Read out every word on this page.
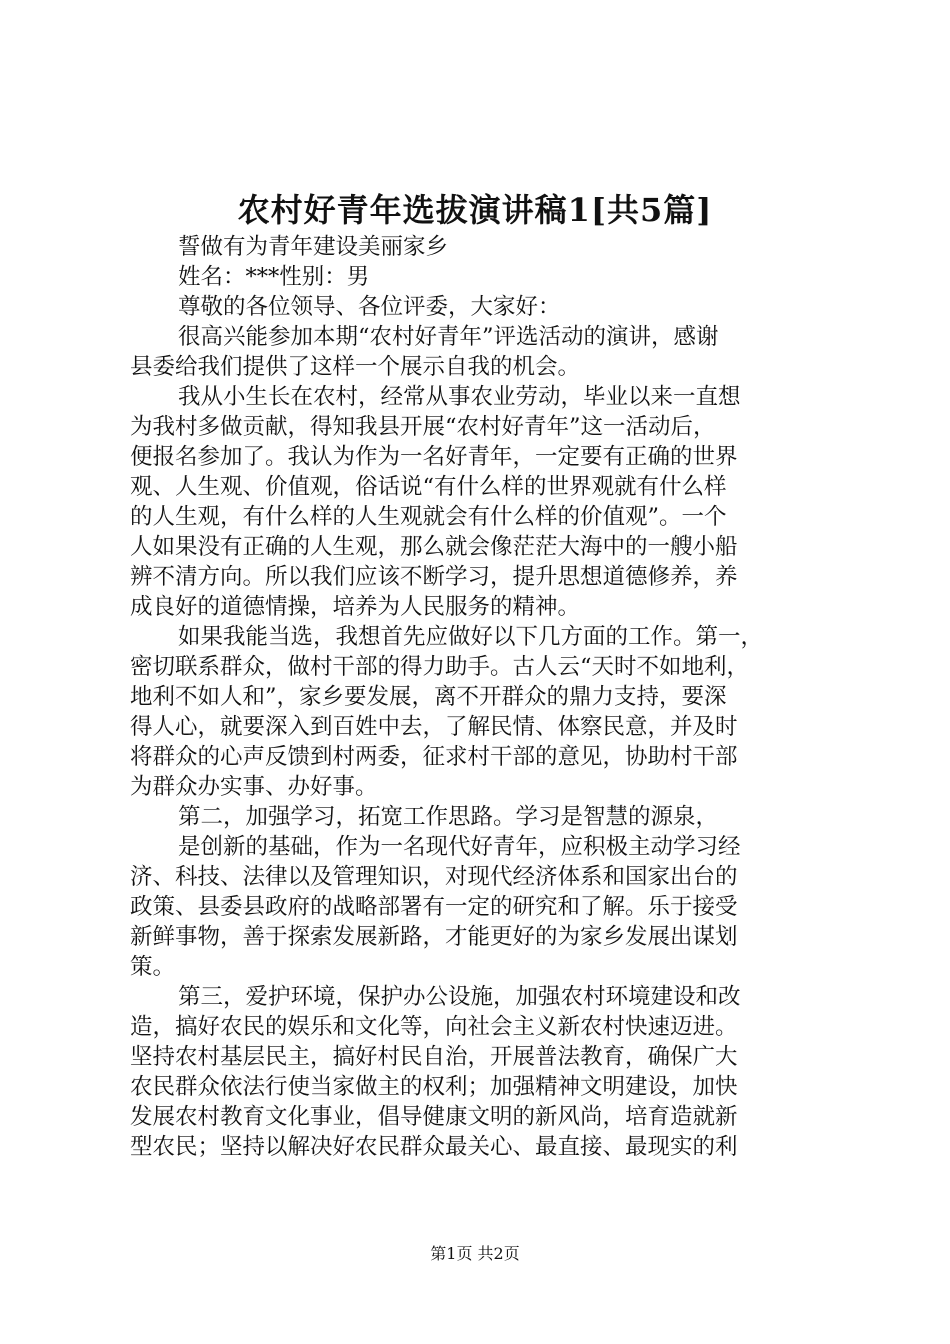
农村好青年选拔演讲稿1[共5篇]
誓做有为青年建设美丽家乡
姓名：***性别：男
尊敬的各位领导、各位评委，大家好：
很高兴能参加本期“农村好青年”评选活动的演讲，感谢
县委给我们提供了这样一个展示自我的机会。
我从小生长在农村，经常从事农业劳动，毕业以来一直想
为我村多做贡献，得知我县开展“农村好青年”这一活动后，
便报名参加了。我认为作为一名好青年，一定要有正确的世界
观、人生观、价值观，俗话说“有什么样的世界观就有什么样
的人生观，有什么样的人生观就会有什么样的价值观”。一个
人如果没有正确的人生观，那么就会像茫茫大海中的一艘小船
辨不清方向。所以我们应该不断学习，提升思想道德修养，养
成良好的道德情操，培养为人民服务的精神。
如果我能当选，我想首先应做好以下几方面的工作。第一，
密切联系群众，做村干部的得力助手。古人云“天时不如地利，
地利不如人和”，家乡要发展，离不开群众的鼎力支持，要深
得人心，就要深入到百姓中去，了解民情、体察民意，并及时
将群众的心声反馈到村两委，征求村干部的意见，协助村干部
为群众办实事、办好事。
第二，加强学习，拓宽工作思路。学习是智慧的源泉，
是创新的基础，作为一名现代好青年，应积极主动学习经
济、科技、法律以及管理知识，对现代经济体系和国家出台的
政策、县委县政府的战略部署有一定的研究和了解。乐于接受
新鲜事物，善于探索发展新路，才能更好的为家乡发展出谋划
策。
第三，爱护环境，保护办公设施，加强农村环境建设和改
造，搞好农民的娱乐和文化等，向社会主义新农村快速迈进。
坚持农村基层民主，搞好村民自治，开展普法教育，确保广大
农民群众依法行使当家做主的权利；加强精神文明建设，加快
发展农村教育文化事业，倡导健康文明的新风尚，培育造就新
型农民；坚持以解决好农民群众最关心、最直接、最现实的利
第1页 共2页
